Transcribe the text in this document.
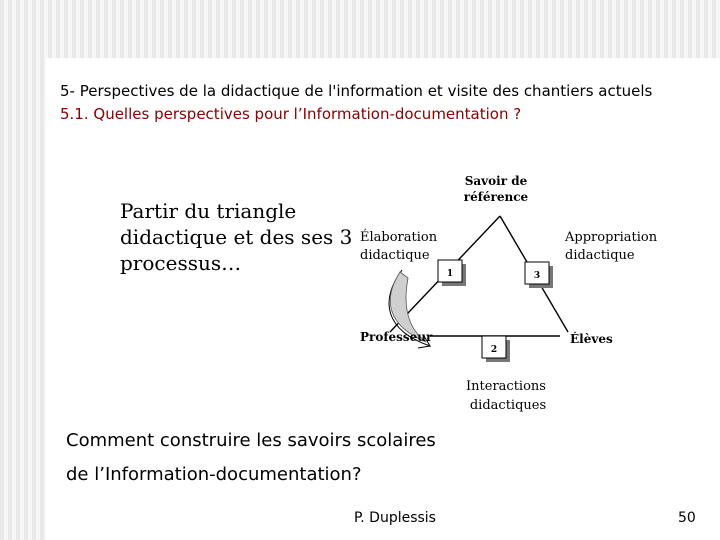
5- Perspectives de la didactique de l'information et visite des chantiers actuels
5.1. Quelles perspectives pour l’Information-documentation ?
Partir du triangle didactique et des ses 3 processus…	1	3
2
Savoir de
référence
Élaboration
didactique
Appropriation
didactique
Professeur	Élèves
Interactions
didactiques
Comment construire les savoirs scolaires
de l’Information-documentation?
P. Duplessis	50
